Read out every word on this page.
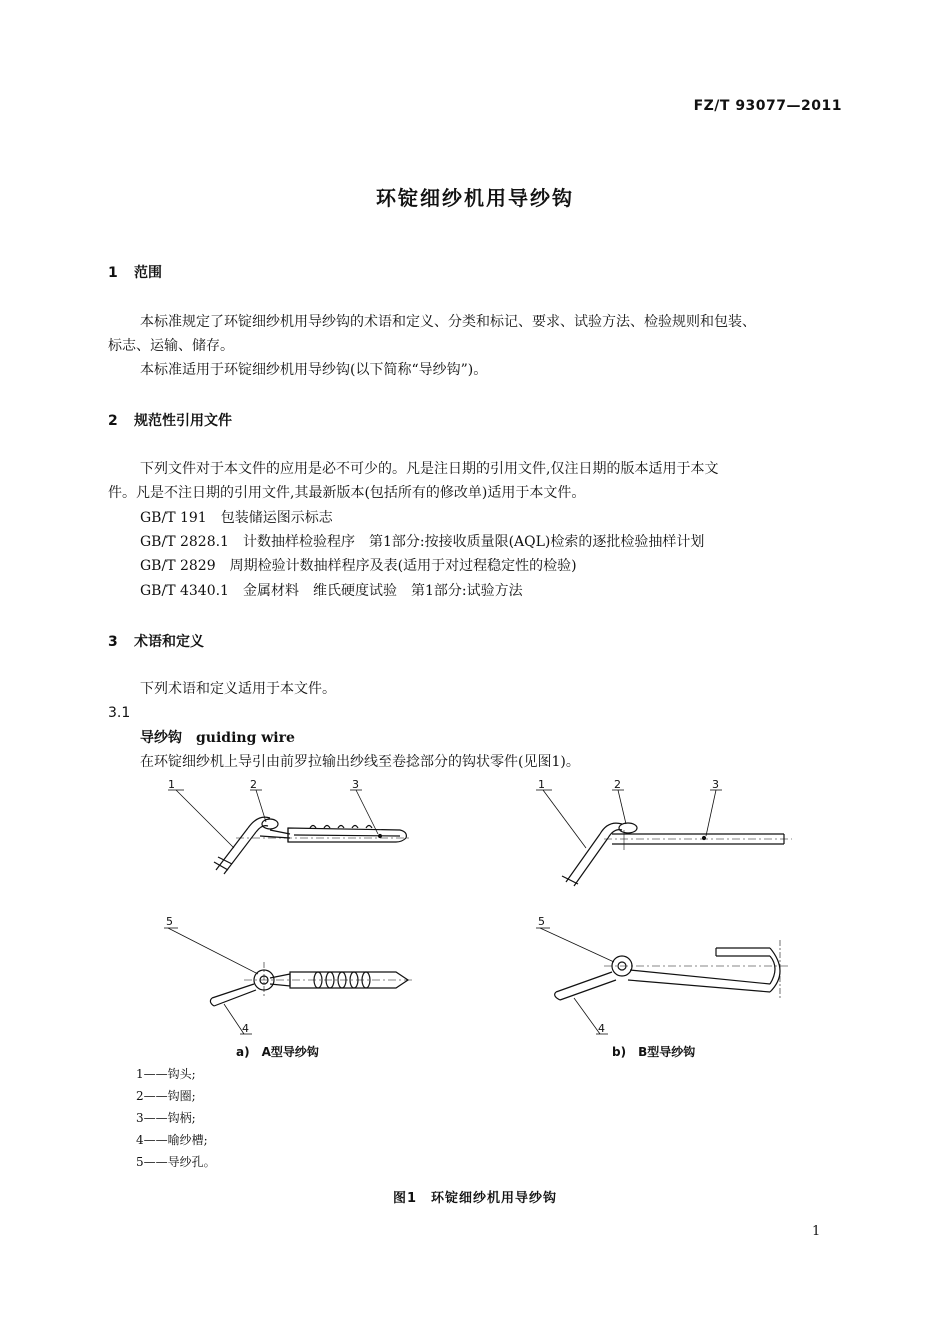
FZ/T 93077—2011
环锭细纱机用导纱钩
1 范围
本标准规定了环锭细纱机用导纱钩的术语和定义、分类和标记、要求、试验方法、检验规则和包装、
标志、运输、储存。
本标准适用于环锭细纱机用导纱钩(以下简称“导纱钩”)。
2 规范性引用文件
下列文件对于本文件的应用是必不可少的。凡是注日期的引用文件,仅注日期的版本适用于本文
件。凡是不注日期的引用文件,其最新版本(包括所有的修改单)适用于本文件。
GB/T 191　包装储运图示标志
GB/T 2828.1　计数抽样检验程序　第1部分:按接收质量限(AQL)检索的逐批检验抽样计划
GB/T 2829　周期检验计数抽样程序及表(适用于对过程稳定性的检验)
GB/T 4340.1　金属材料　维氏硬度试验　第1部分:试验方法
3 术语和定义
下列术语和定义适用于本文件。
3.1
导纱钩 guiding wire
在环锭细纱机上导引由前罗拉输出纱线至卷捻部分的钩状零件(见图1)。
1	2	3	1	2	3
5	5
4	4
a)　A型导纱钩	b)　B型导纱钩
1——钩头;
2——钩圈;
3——钩柄;
4——喻纱槽;
5——导纱孔。
图1　环锭细纱机用导纱钩
1
